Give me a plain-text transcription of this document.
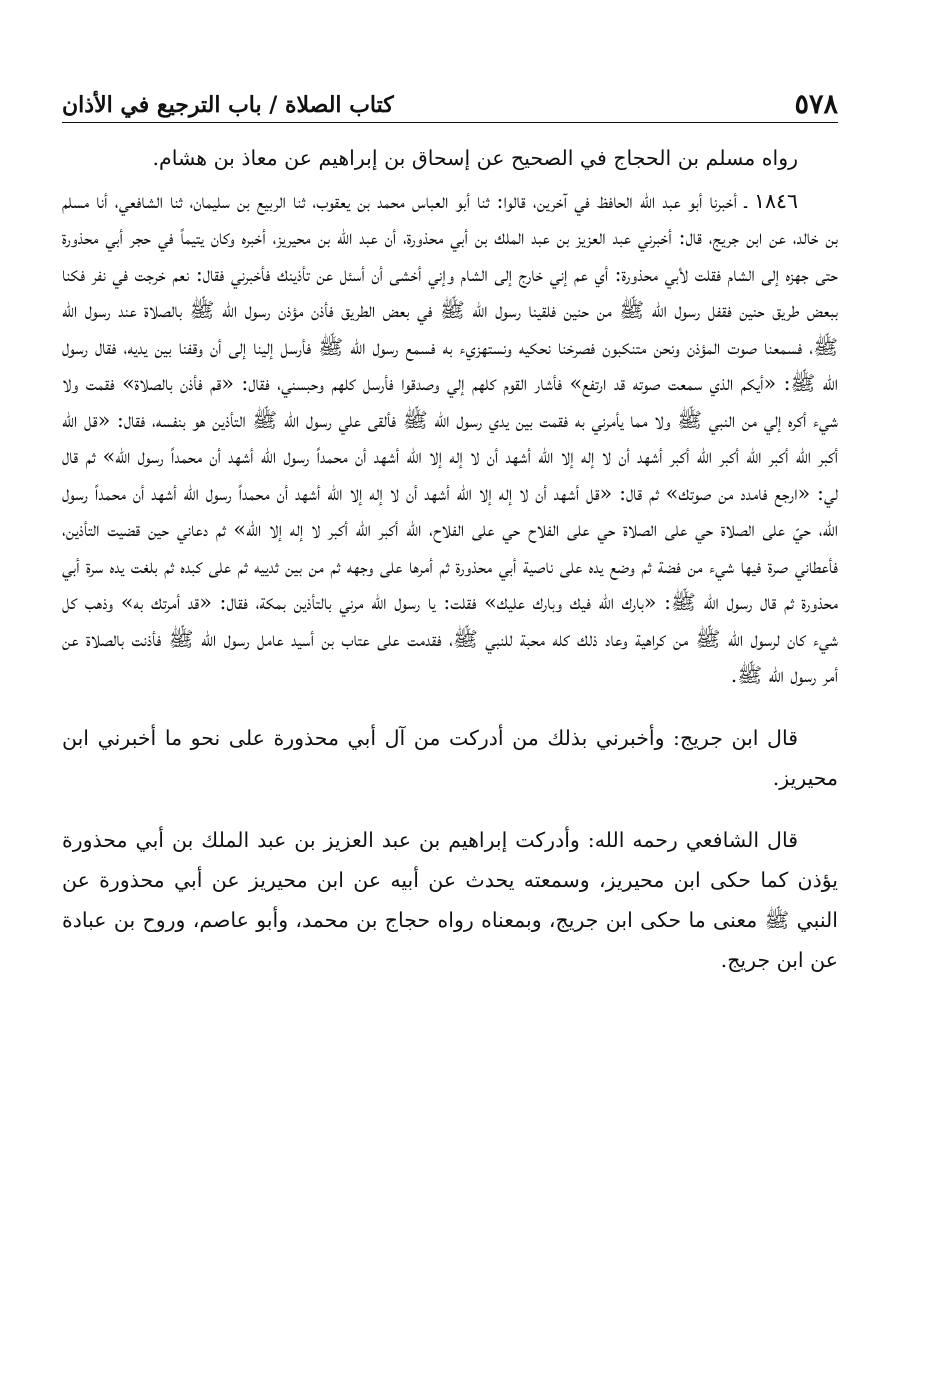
٥٧٨
كتاب الصلاة / باب الترجيع في الأذان

رواه مسلم بن الحجاج في الصحيح عن إسحاق بن إبراهيم عن معاذ بن هشام.

١٨٤٦ ـ أخبرنا أبو عبد الله الحافظ في آخرين، قالوا: ثنا أبو العباس محمد بن يعقوب، ثنا الربيع بن سليمان، ثنا الشافعي، أنا مسلم بن خالد، عن ابن جريج، قال: أخبرني عبد العزيز بن عبد الملك بن أبي محذورة، أن عبد الله بن محيريز، أخبره وكان يتيماً في حجر أبي محذورة حتى جهزه إلى الشام فقلت لأبي محذورة: أي عم إني خارج إلى الشام وإني أخشى أن أسئل عن تأذينك فأخبرني فقال: نعم خرجت في نفر فكنا ببعض طريق حنين فقفل رسول الله ﷺ من حنين فلقينا رسول الله ﷺ في بعض الطريق فأذن مؤذن رسول الله ﷺ بالصلاة عند رسول الله ﷺ، فسمعنا صوت المؤذن ونحن متنكبون فصرخنا نحكيه ونستهزيء به فسمع رسول الله ﷺ فأرسل إلينا إلى أن وقفنا بين يديه، فقال رسول الله ﷺ: «أيكم الذي سمعت صوته قد ارتفع» فأشار القوم كلهم إلي وصدقوا فأرسل كلهم وحبسني، فقال: «قم فأذن بالصلاة» فقمت ولا شيء أكره إلي من النبي ﷺ ولا مما يأمرني به فقمت بين يدي رسول الله ﷺ فألقى علي رسول الله ﷺ التأذين هو بنفسه، فقال: «قل الله أكبر الله أكبر الله أكبر الله أكبر أشهد أن لا إله إلا الله أشهد أن لا إله إلا الله أشهد أن محمداً رسول الله أشهد أن محمداً رسول الله» ثم قال لي: «ارجع فامدد من صوتك» ثم قال: «قل أشهد أن لا إله إلا الله أشهد أن لا إله إلا الله أشهد أن محمداً رسول الله أشهد أن محمداً رسول الله، حيّ على الصلاة حي على الصلاة حي على الفلاح حي على الفلاح، الله أكبر الله أكبر لا إله إلا الله» ثم دعاني حين قضيت التأذين، فأعطاني صرة فيها شيء من فضة ثم وضع يده على ناصية أبي محذورة ثم أمرها على وجهه ثم من بين ثدييه ثم على كبده ثم بلغت يده سرة أبي محذورة ثم قال رسول الله ﷺ: «بارك الله فيك وبارك عليك» فقلت: يا رسول الله مرني بالتأذين بمكة، فقال: «قد أمرتك به» وذهب كل شيء كان لرسول الله ﷺ من كراهية وعاد ذلك كله محبة للنبي ﷺ، فقدمت على عتاب بن أسيد عامل رسول الله ﷺ فأذنت بالصلاة عن أمر رسول الله ﷺ.

قال ابن جريج: وأخبرني بذلك من أدركت من آل أبي محذورة على نحو ما أخبرني ابن محيريز.

قال الشافعي رحمه الله: وأدركت إبراهيم بن عبد العزيز بن عبد الملك بن أبي محذورة يؤذن كما حكى ابن محيريز، وسمعته يحدث عن أبيه عن ابن محيريز عن أبي محذورة عن النبي ﷺ معنى ما حكى ابن جريج، وبمعناه رواه حجاج بن محمد، وأبو عاصم، وروح بن عبادة عن ابن جريج.
